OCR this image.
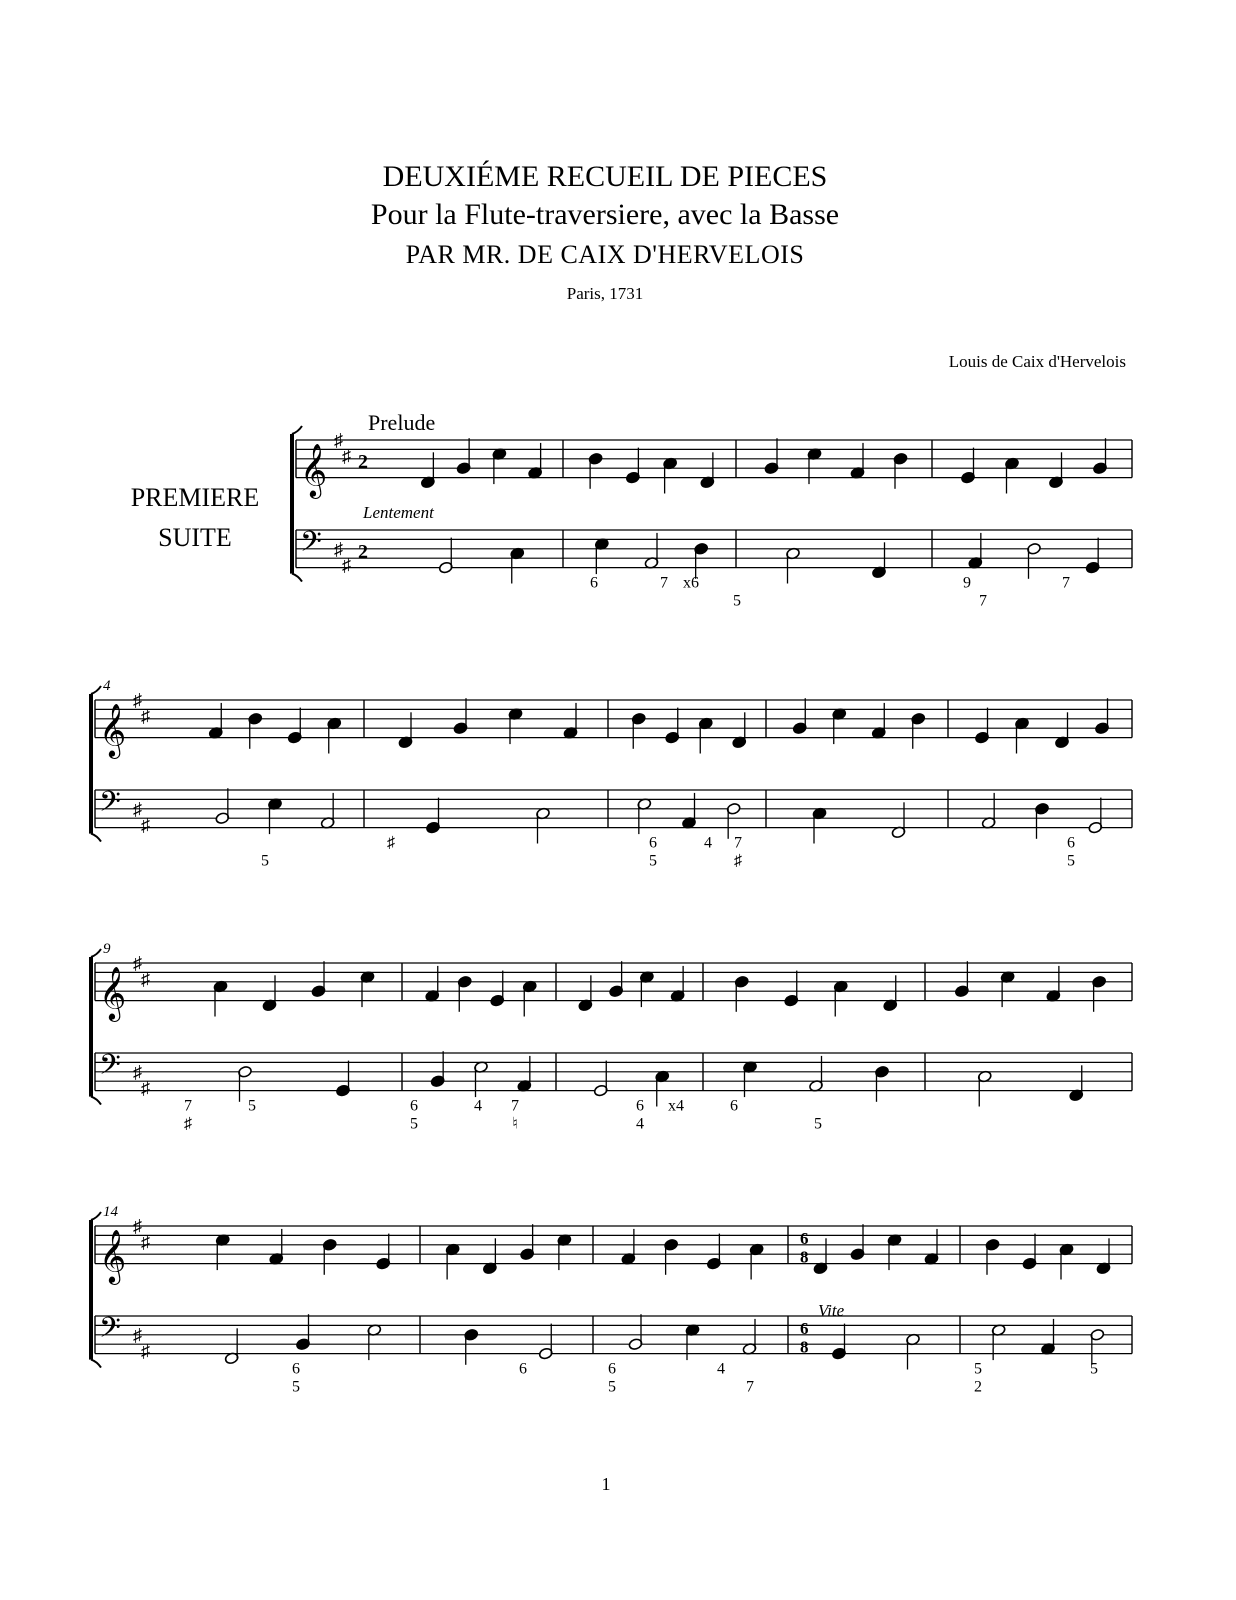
DEUXIÉME RECUEIL DE PIECES
Pour la Flute-traversiere, avec la Basse
PAR MR. DE CAIX D'HERVELOIS
Paris, 1731
Louis de Caix d'Hervelois
PREMIERE
SUITE
𝄞
♯
♯
𝄢 ♯
♯
2
2
Prelude
Lentement
6	7 x6
5
9
7
7
𝄞
♯
♯
𝄢 ♯
♯
4
5
♯	6
5
4 7
♯
6
5
𝄞
♯
♯
𝄢 ♯
♯
9
7
♯
5	6
5
4 7
♮
6
4
x4	6
5
𝄞
♯
♯
𝄢 ♯
♯
6
8
6
8
Vite
14
6
5
6	6
5
4
7
5
2
5
1
